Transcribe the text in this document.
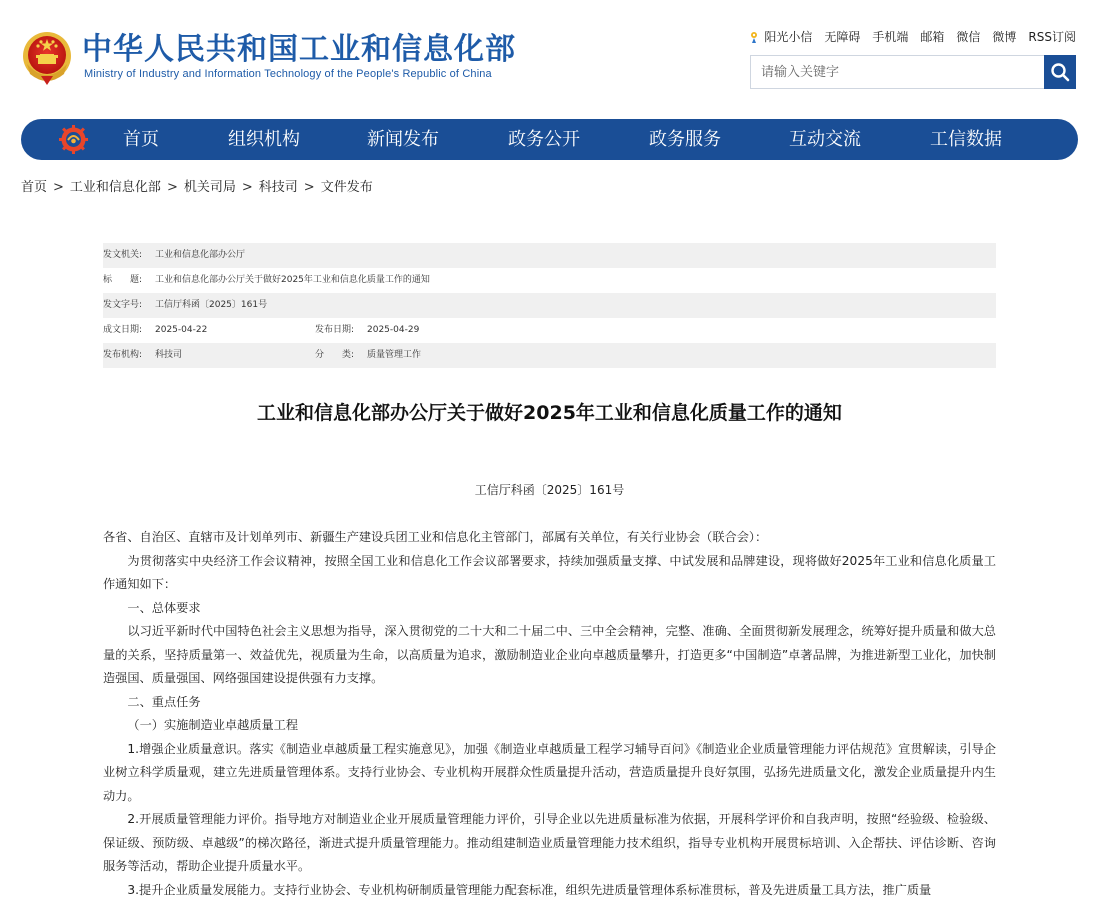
中华人民共和国工业和信息化部
Ministry of Industry and Information Technology of the People's Republic of China
阳光小信 无障碍 手机端 邮箱 微信 微博 RSS订阅
请输入关键字
首页	组织机构	新闻发布	政务公开	政务服务	互动交流	工信数据
首页 > 工业和信息化部 > 机关司局 > 科技司 > 文件发布
发文机关: 工业和信息化部办公厅
标　　题: 工业和信息化部办公厅关于做好2025年工业和信息化质量工作的通知
发文字号: 工信厅科函〔2025〕161号
成文日期: 2025-04-22	发布日期: 2025-04-29
发布机构: 科技司	分　　类: 质量管理工作
工业和信息化部办公厅关于做好2025年工业和信息化质量工作的通知
工信厅科函〔2025〕161号

各省、自治区、直辖市及计划单列市、新疆生产建设兵团工业和信息化主管部门，部属有关单位，有关行业协会（联合会）：

为贯彻落实中央经济工作会议精神，按照全国工业和信息化工作会议部署要求，持续加强质量支撑、中试发展和品牌建设，现将做好2025年工业和信息化质量工作通知如下：

一、总体要求

以习近平新时代中国特色社会主义思想为指导，深入贯彻党的二十大和二十届二中、三中全会精神，完整、准确、全面贯彻新发展理念，统筹好提升质量和做大总量的关系，坚持质量第一、效益优先，视质量为生命，以高质量为追求，激励制造业企业向卓越质量攀升，打造更多“中国制造”卓著品牌，为推进新型工业化，加快制造强国、质量强国、网络强国建设提供强有力支撑。

二、重点任务

（一）实施制造业卓越质量工程

1.增强企业质量意识。落实《制造业卓越质量工程实施意见》，加强《制造业卓越质量工程学习辅导百问》《制造业企业质量管理能力评估规范》宣贯解读，引导企业树立科学质量观，建立先进质量管理体系。支持行业协会、专业机构开展群众性质量提升活动，营造质量提升良好氛围，弘扬先进质量文化，激发企业质量提升内生动力。

2.开展质量管理能力评价。指导地方对制造业企业开展质量管理能力评价，引导企业以先进质量标准为依据，开展科学评价和自我声明，按照“经验级、检验级、保证级、预防级、卓越级”的梯次路径，渐进式提升质量管理能力。推动组建制造业质量管理能力技术组织，指导专业机构开展贯标培训、入企帮扶、评估诊断、咨询服务等活动，帮助企业提升质量水平。

3.提升企业质量发展能力。支持行业协会、专业机构研制质量管理能力配套标准，组织先进质量管理体系标准贯标，普及先进质量工具方法，推广质量
